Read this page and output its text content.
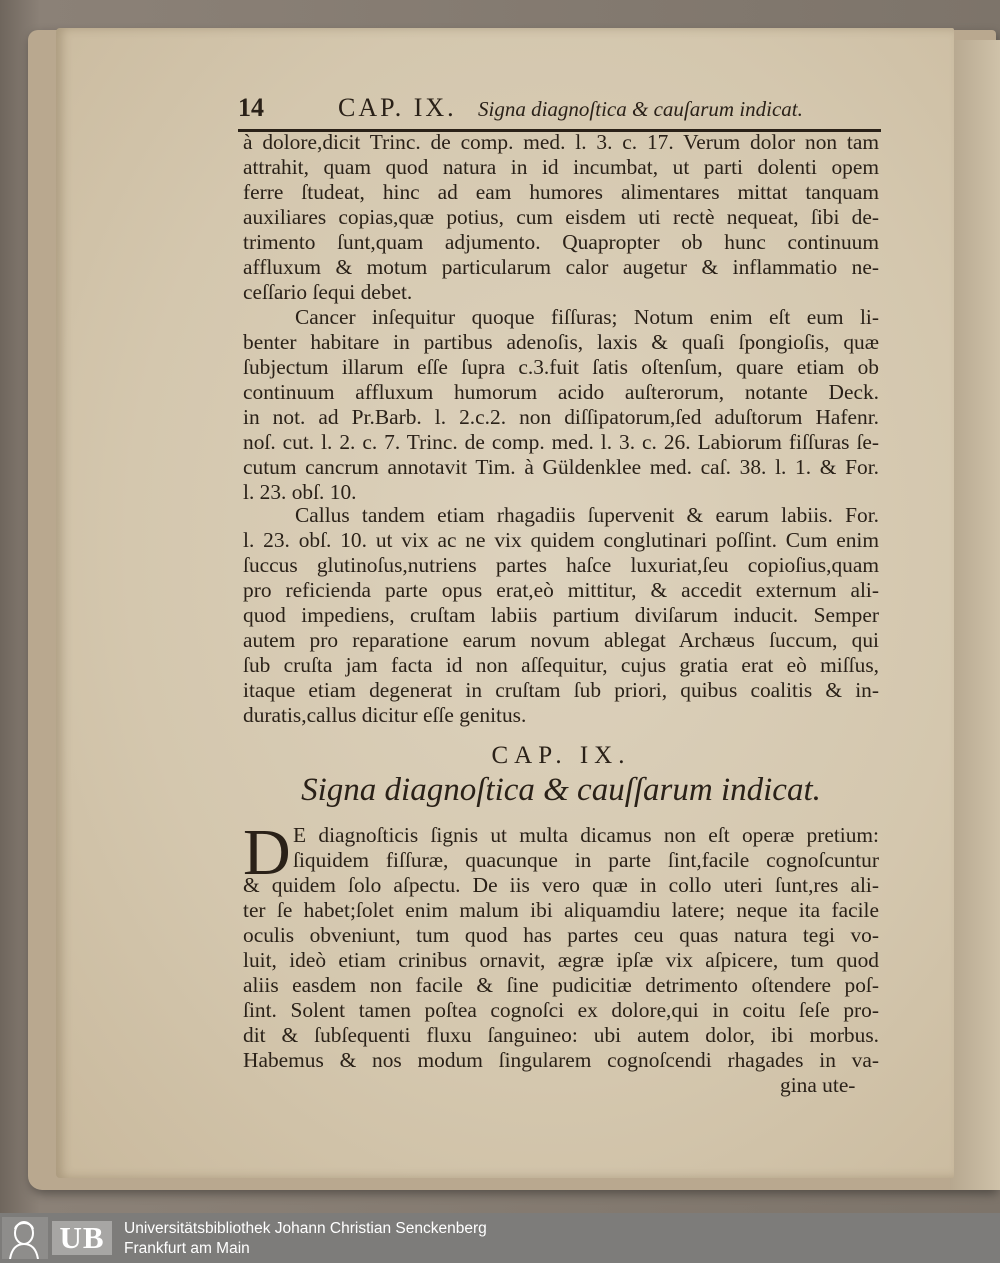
14	CAP. IX. Signa diagnoſtica & cauſarum indicat.
à dolore,dicit Trinc. de comp. med. l. 3. c. 17. Verum dolor non tam
attrahit, quam quod natura in id incumbat, ut parti dolenti opem
ferre ſtudeat, hinc ad eam humores alimentares mittat tanquam
auxiliares copias,quæ potius, cum eisdem uti rectè nequeat, ſibi de-
trimento ſunt,quam adjumento. Quapropter ob hunc continuum
affluxum & motum particularum calor augetur & inflammatio ne-
ceſſario ſequi debet.
Cancer inſequitur quoque fiſſuras; Notum enim eſt eum li-
benter habitare in partibus adenoſis, laxis & quaſi ſpongioſis, quæ
ſubjectum illarum eſſe ſupra c.3.fuit ſatis oſtenſum, quare etiam ob
continuum affluxum humorum acido auſterorum, notante Deck.
in not. ad Pr.Barb. l. 2.c.2. non diſſipatorum,ſed aduſtorum Hafenr.
noſ. cut. l. 2. c. 7. Trinc. de comp. med. l. 3. c. 26. Labiorum fiſſuras ſe-
cutum cancrum annotavit Tim. à Güldenklee med. caſ. 38. l. 1. & For.
l. 23. obſ. 10.
Callus tandem etiam rhagadiis ſupervenit & earum labiis. For.
l. 23. obſ. 10. ut vix ac ne vix quidem conglutinari poſſint. Cum enim
ſuccus glutinoſus,nutriens partes haſce luxuriat,ſeu copioſius,quam
pro reficienda parte opus erat,eò mittitur, & accedit externum ali-
quod impediens, cruſtam labiis partium diviſarum inducit. Semper
autem pro reparatione earum novum ablegat Archæus ſuccum, qui
ſub cruſta jam facta id non aſſequitur, cujus gratia erat eò miſſus,
itaque etiam degenerat in cruſtam ſub priori, quibus coalitis & in-
duratis,callus dicitur eſſe genitus.
CAP. IX.
Signa diagnoſtica & cauſſarum indicat.
D E diagnoſticis ſignis ut multa dicamus non eſt operæ pretium:
ſiquidem fiſſuræ, quacunque in parte ſint,facile cognoſcuntur
& quidem ſolo aſpectu. De iis vero quæ in collo uteri ſunt,res ali-
ter ſe habet;ſolet enim malum ibi aliquamdiu latere; neque ita facile
oculis obveniunt, tum quod has partes ceu quas natura tegi vo-
luit, ideò etiam crinibus ornavit, ægræ ipſæ vix aſpicere, tum quod
aliis easdem non facile & ſine pudicitiæ detrimento oſtendere poſ-
ſint. Solent tamen poſtea cognoſci ex dolore,qui in coitu ſeſe pro-
dit & ſubſequenti fluxu ſanguineo: ubi autem dolor, ibi morbus.
Habemus & nos modum ſingularem cognoſcendi rhagades in va-
gina ute-
UB	Universitätsbibliothek Johann Christian Senckenberg
Frankfurt am Main
